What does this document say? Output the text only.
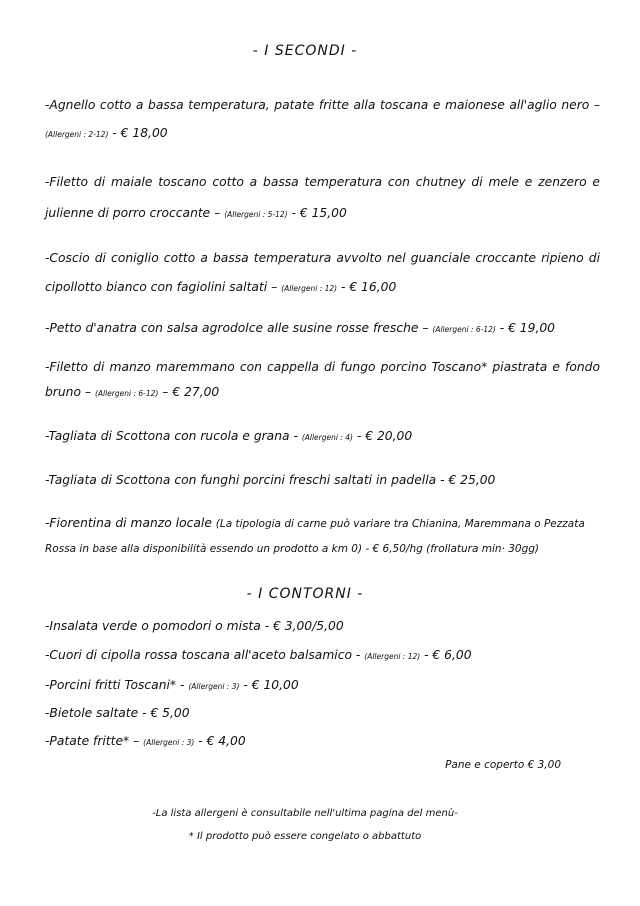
- I SECONDI -
-Agnello cotto a bassa temperatura, patate fritte alla toscana e maionese all'aglio nero –
(Allergeni : 2-12) - € 18,00
-Filetto di maiale toscano cotto a bassa temperatura con chutney di mele e zenzero e
julienne di porro croccante – (Allergeni : 5-12) - € 15,00
-Coscio di coniglio cotto a bassa temperatura avvolto nel guanciale croccante ripieno di
cipollotto bianco con fagiolini saltati – (Allergeni : 12) - € 16,00
-Petto d'anatra con salsa agrodolce alle susine rosse fresche – (Allergeni : 6-12) - € 19,00
-Filetto di manzo maremmano con cappella di fungo porcino Toscano* piastrata e fondo
bruno – (Allergeni : 6-12) – € 27,00
-Tagliata di Scottona con rucola e grana - (Allergeni : 4) - € 20,00
-Tagliata di Scottona con funghi porcini freschi saltati in padella - € 25,00
-Fiorentina di manzo locale (La tipologia di carne può variare tra Chianina, Maremmana o Pezzata
Rossa in base alla disponibilità essendo un prodotto a km 0) - € 6,50/hg (frollatura min· 30gg)
- I CONTORNI -
-Insalata verde o pomodori o mista - € 3,00/5,00
-Cuori di cipolla rossa toscana all'aceto balsamico - (Allergeni : 12) - € 6,00
-Porcini fritti Toscani* - (Allergeni : 3) - € 10,00
-Bietole saltate - € 5,00
-Patate fritte* – (Allergeni : 3) - € 4,00
Pane e coperto € 3,00
-La lista allergeni è consultabile nell'ultima pagina del menù-
* Il prodotto può essere congelato o abbattuto
